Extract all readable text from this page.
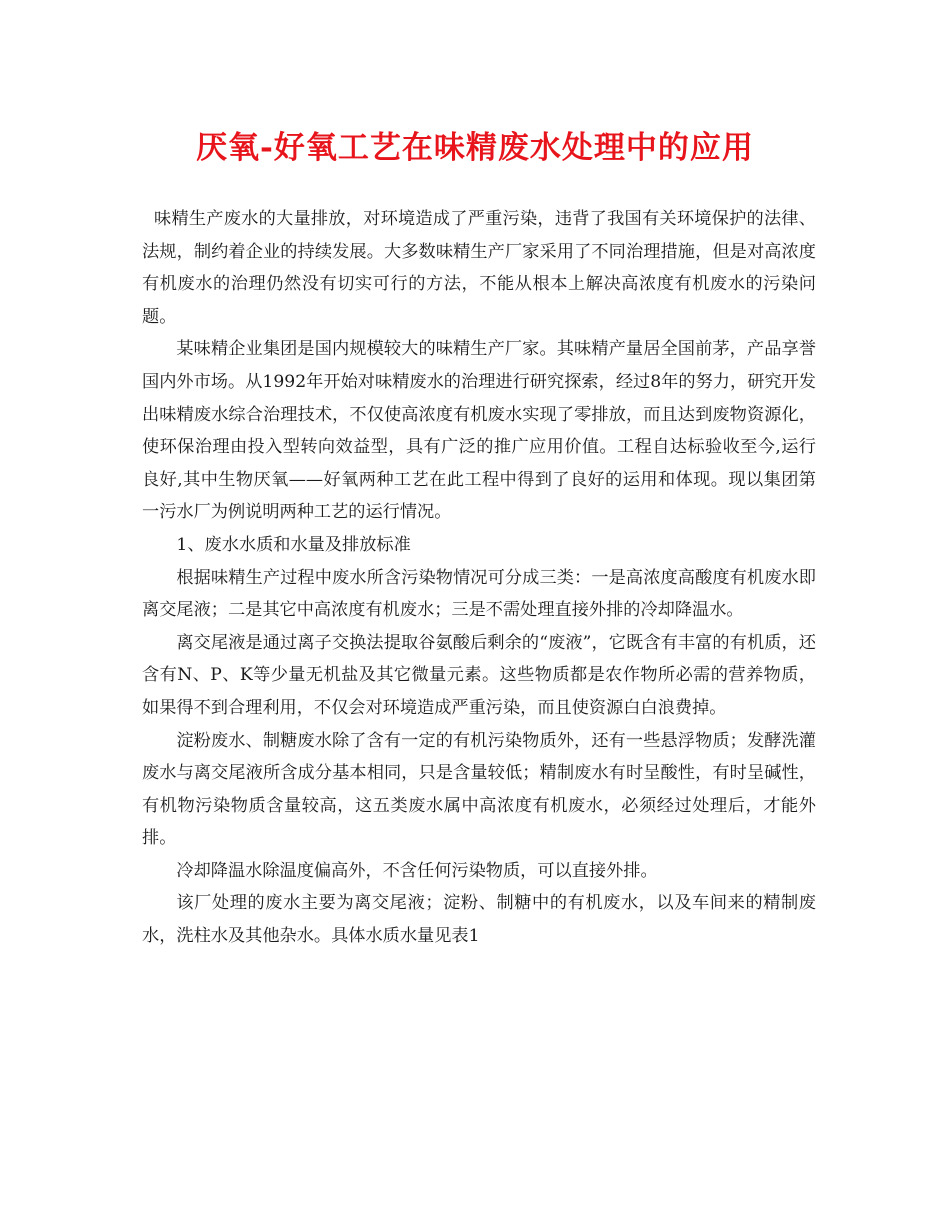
厌氧-好氧工艺在味精废水处理中的应用

味精生产废水的大量排放，对环境造成了严重污染，违背了我国有关环境保护的法律、法规，制约着企业的持续发展。大多数味精生产厂家采用了不同治理措施，但是对高浓度有机废水的治理仍然没有切实可行的方法，不能从根本上解决高浓度有机废水的污染问题。

某味精企业集团是国内规模较大的味精生产厂家。其味精产量居全国前茅，产品享誉国内外市场。从1992年开始对味精废水的治理进行研究探索，经过8年的努力，研究开发出味精废水综合治理技术，不仅使高浓度有机废水实现了零排放，而且达到废物资源化，使环保治理由投入型转向效益型，具有广泛的推广应用价值。工程自达标验收至今,运行良好,其中生物厌氧——好氧两种工艺在此工程中得到了良好的运用和体现。现以集团第一污水厂为例说明两种工艺的运行情况。

1、废水水质和水量及排放标准

根据味精生产过程中废水所含污染物情况可分成三类：一是高浓度高酸度有机废水即离交尾液；二是其它中高浓度有机废水；三是不需处理直接外排的冷却降温水。

离交尾液是通过离子交换法提取谷氨酸后剩余的“废液”，它既含有丰富的有机质，还含有N、P、K等少量无机盐及其它微量元素。这些物质都是农作物所必需的营养物质，如果得不到合理利用，不仅会对环境造成严重污染，而且使资源白白浪费掉。

淀粉废水、制糖废水除了含有一定的有机污染物质外，还有一些悬浮物质；发酵洗灌废水与离交尾液所含成分基本相同，只是含量较低；精制废水有时呈酸性，有时呈碱性，有机物污染物质含量较高，这五类废水属中高浓度有机废水，必须经过处理后，才能外排。

冷却降温水除温度偏高外，不含任何污染物质，可以直接外排。

该厂处理的废水主要为离交尾液；淀粉、制糖中的有机废水，以及车间来的精制废水，洗柱水及其他杂水。具体水质水量见表1
